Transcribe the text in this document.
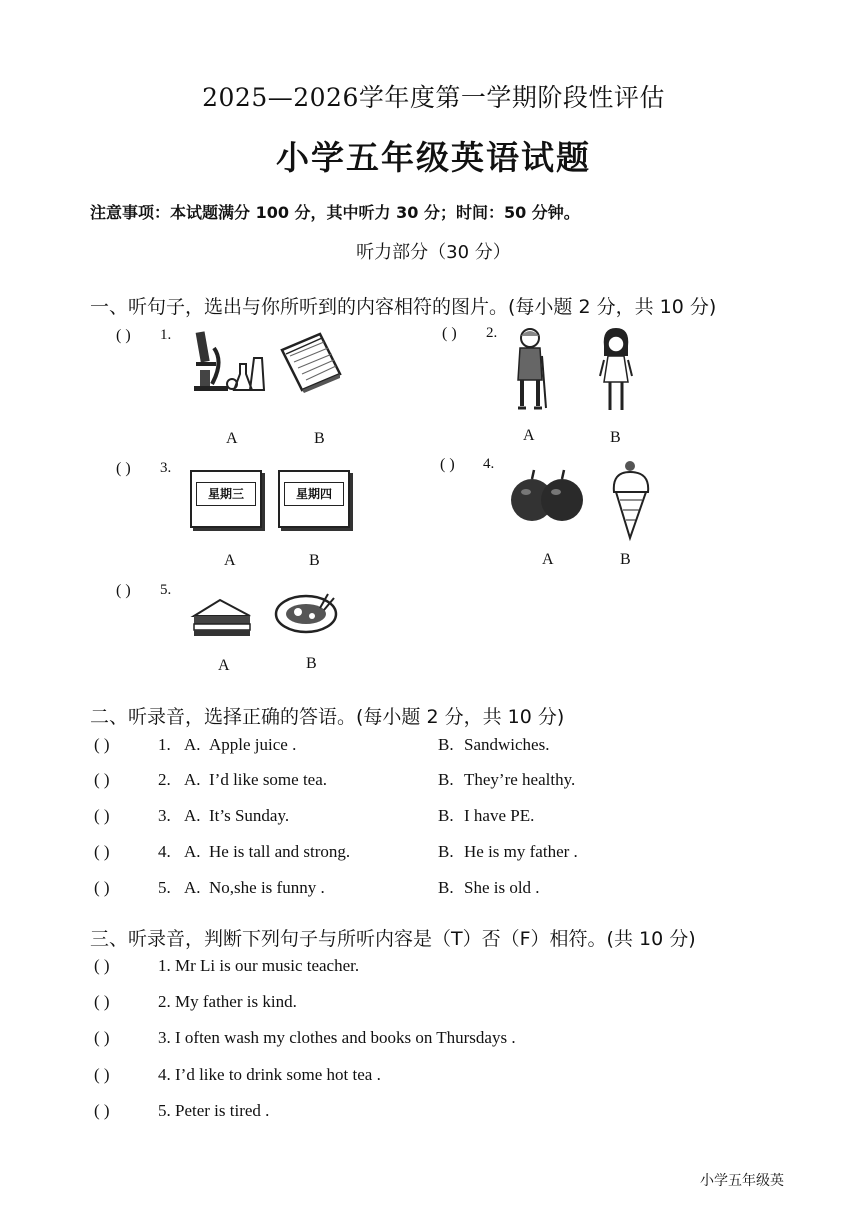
2025—2026学年度第一学期阶段性评估
小学五年级英语试题
注意事项：本试题满分 100 分，其中听力 30 分；时间：50 分钟。
听力部分（30 分）
一、听句子，选出与你所听到的内容相符的图片。(每小题 2 分，共 10 分)
( ) 1.
A	B
( ) 2.
A	B
( ) 3.
星期三	星期四
A	B
( ) 4.
A	B
( ) 5.
A	B
二、听录音，选择正确的答语。(每小题 2 分，共 10 分)
( )	1. A. Apple juice .	B. Sandwiches.
( )	2. A. I’d like some tea.	B. They’re healthy.
( )	3. A. It’s Sunday.	B. I have PE.
( )	4. A. He is tall and strong.	B. He is my father .
( )	5. A. No,she is funny .	B. She is old .
三、听录音，判断下列句子与所听内容是（T）否（F）相符。(共 10 分)
( )	1. Mr Li is our music teacher.
( )	2. My father is kind.
( )	3. I often wash my clothes and books on Thursdays .
( )	4. I’d like to drink some hot tea .
( )	5. Peter is tired .
小学五年级英
